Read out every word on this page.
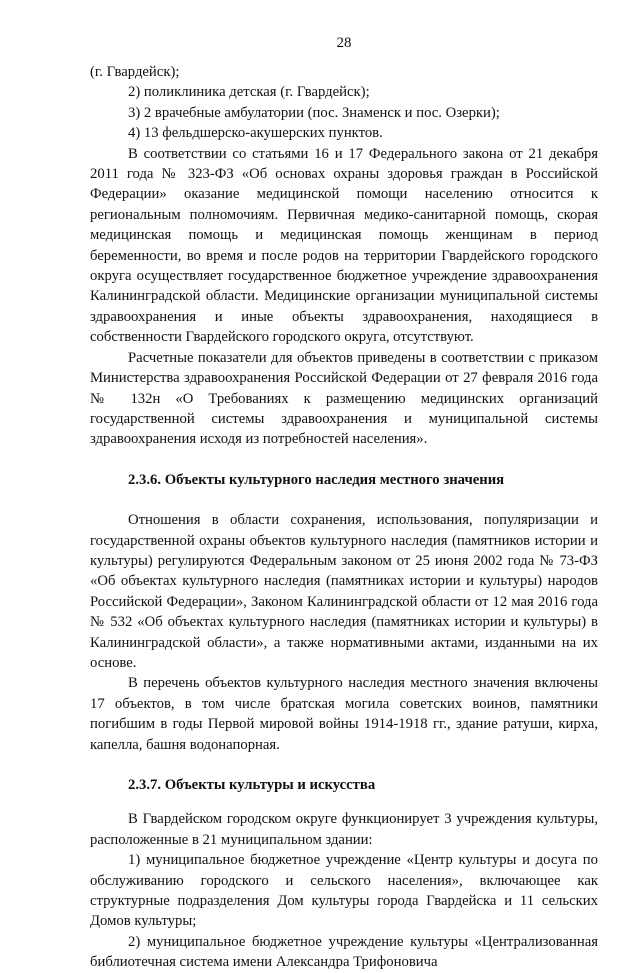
28

(г. Гвардейск);

2) поликлиника детская (г. Гвардейск);

3) 2 врачебные амбулатории (пос. Знаменск и пос. Озерки);

4) 13 фельдшерско-акушерских пунктов.

В соответствии со статьями 16 и 17 Федерального закона от 21 декабря 2011 года № 323-ФЗ «Об основах охраны здоровья граждан в Российской Федерации» оказание медицинской помощи населению относится к региональным полномочиям. Первичная медико-санитарной помощь, скорая медицинская помощь и медицинская помощь женщинам в период беременности, во время и после родов на территории Гвардейского городского округа осуществляет государственное бюджетное учреждение здравоохранения Калининградской области. Медицинские организации муниципальной системы здравоохранения и иные объекты здравоохранения, находящиеся в собственности Гвардейского городского округа, отсутствуют.

Расчетные показатели для объектов приведены в соответствии с приказом Министерства здравоохранения Российской Федерации от 27 февраля 2016 года № 132н «О Требованиях к размещению медицинских организаций государственной системы здравоохранения и муниципальной системы здравоохранения исходя из потребностей населения».

2.3.6. Объекты культурного наследия местного значения

Отношения в области сохранения, использования, популяризации и государственной охраны объектов культурного наследия (памятников истории и культуры) регулируются Федеральным законом от 25 июня 2002 года № 73-ФЗ «Об объектах культурного наследия (памятниках истории и культуры) народов Российской Федерации», Законом Калининградской области от 12 мая 2016 года № 532 «Об объектах культурного наследия (памятниках истории и культуры) в Калининградской области», а также нормативными актами, изданными на их основе.

В перечень объектов культурного наследия местного значения включены 17 объектов, в том числе братская могила советских воинов, памятники погибшим в годы Первой мировой войны 1914-1918 гг., здание ратуши, кирха, капелла, башня водонапорная.

2.3.7. Объекты культуры и искусства

В Гвардейском городском округе функционирует 3 учреждения культуры, расположенные в 21 муниципальном здании:

1) муниципальное бюджетное учреждение «Центр культуры и досуга по обслуживанию городского и сельского населения», включающее как структурные подразделения Дом культуры города Гвардейска и 11 сельских Домов культуры;

2) муниципальное бюджетное учреждение культуры «Централизованная библиотечная система имени Александра Трифоновича
